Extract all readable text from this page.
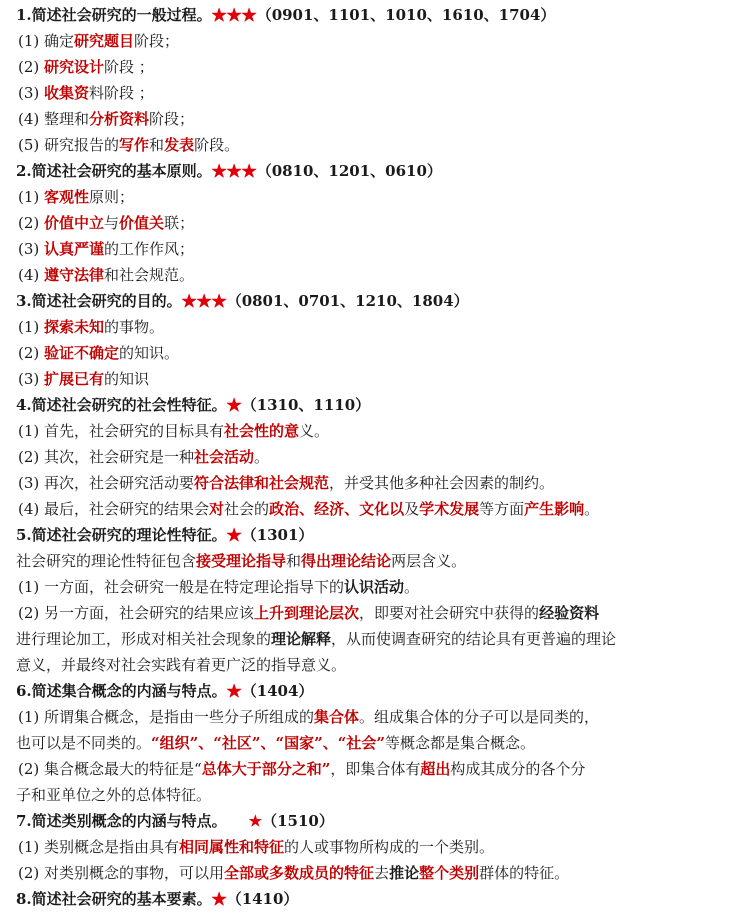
1.简述社会研究的一般过程。★★★（0901、1101、1010、1610、1704）
(1) 确定研究题目阶段；
(2) 研究设计阶段 ；
(3) 收集资料阶段 ；
(4) 整理和分析资料阶段；
(5) 研究报告的写作和发表阶段。
2.简述社会研究的基本原则。★★★（0810、1201、0610）
(1) 客观性原则；
(2) 价值中立与价值关联；
(3) 认真严谨的工作作风；
(4) 遵守法律和社会规范。
3.简述社会研究的目的。★★★（0801、0701、1210、1804）
(1) 探索未知的事物。
(2) 验证不确定的知识。
(3) 扩展已有的知识
4.简述社会研究的社会性特征。★（1310、1110）
(1) 首先，社会研究的目标具有社会性的意义。
(2) 其次，社会研究是一种社会活动。
(3) 再次，社会研究活动要符合法律和社会规范，并受其他多种社会因素的制约。
(4) 最后，社会研究的结果会对社会的政治、经济、文化以及学术发展等方面产生影响。
5.简述社会研究的理论性特征。★（1301）
社会研究的理论性特征包含接受理论指导和得出理论结论两层含义。
(1) 一方面，社会研究一般是在特定理论指导下的认识活动。
(2) 另一方面，社会研究的结果应该上升到理论层次，即要对社会研究中获得的经验资料
进行理论加工，形成对相关社会现象的理论解释，从而使调查研究的结论具有更普遍的理论
意义，并最终对社会实践有着更广泛的指导意义。
6.简述集合概念的内涵与特点。★（1404）
(1) 所谓集合概念，是指由一些分子所组成的集合体。组成集合体的分子可以是同类的，
也可以是不同类的。“组织”、“社区”、“国家”、“社会”等概念都是集合概念。
(2) 集合概念最大的特征是“总体大于部分之和”，即集合体有超出构成其成分的各个分
子和亚单位之外的总体特征。
7.简述类别概念的内涵与特点。 ★（1510）
(1) 类别概念是指由具有相同属性和特征的人或事物所构成的一个类别。
(2) 对类别概念的事物，可以用全部或多数成员的特征去推论整个类别群体的特征。
8.简述社会研究的基本要素。★（1410）
